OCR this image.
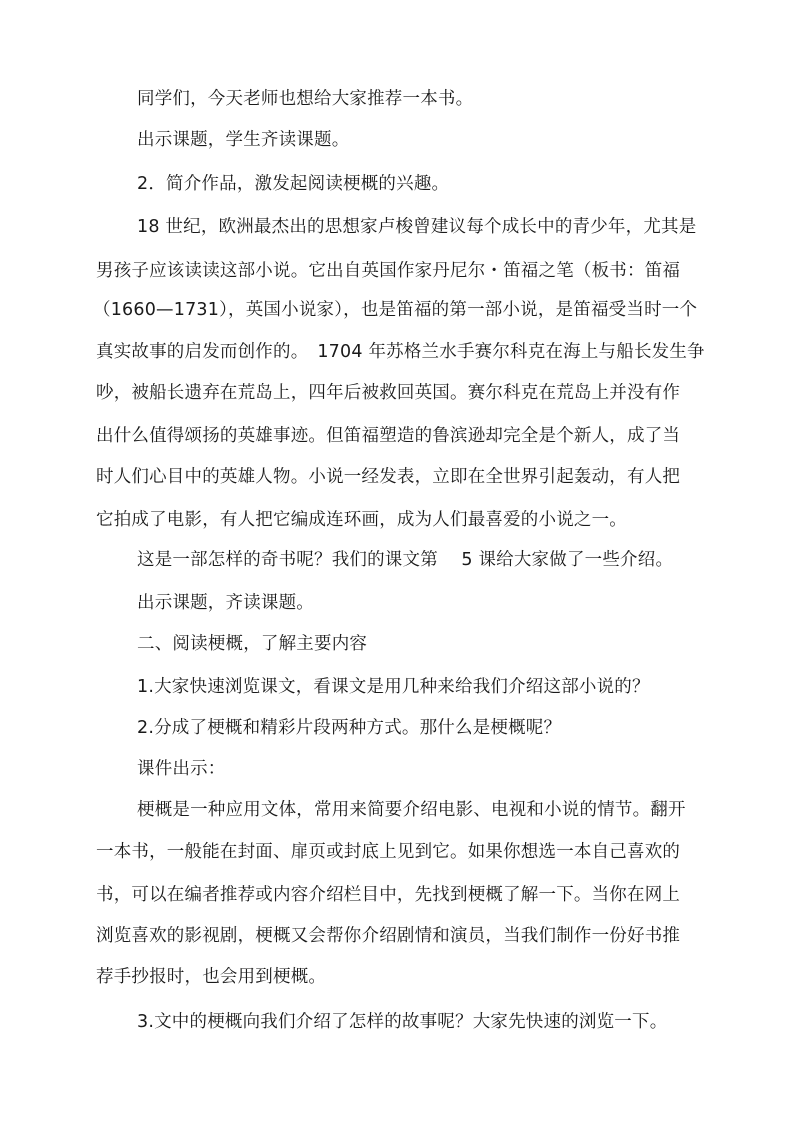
同学们，今天老师也想给大家推荐一本书。
出示课题，学生齐读课题。
2．简介作品，激发起阅读梗概的兴趣。
18 世纪，欧洲最杰出的思想家卢梭曾建议每个成长中的青少年，尤其是
男孩子应该读读这部小说。它出自英国作家丹尼尔・笛福之笔（板书：笛福
（1660—1731），英国小说家），也是笛福的第一部小说，是笛福受当时一个
真实故事的启发而创作的。　1704 年苏格兰水手赛尔科克在海上与船长发生争
吵，被船长遗弃在荒岛上，四年后被救回英国。赛尔科克在荒岛上并没有作
出什么值得颂扬的英雄事迹。但笛福塑造的鲁滨逊却完全是个新人，成了当
时人们心目中的英雄人物。小说一经发表，立即在全世界引起轰动，有人把
它拍成了电影，有人把它编成连环画，成为人们最喜爱的小说之一。
这是一部怎样的奇书呢？我们的课文第　 5 课给大家做了一些介绍。
出示课题，齐读课题。
二、阅读梗概，了解主要内容
1.大家快速浏览课文，看课文是用几种来给我们介绍这部小说的？
2.分成了梗概和精彩片段两种方式。那什么是梗概呢？
课件出示：
梗概是一种应用文体，常用来简要介绍电影、电视和小说的情节。翻开
一本书，一般能在封面、扉页或封底上见到它。如果你想选一本自己喜欢的
书，可以在编者推荐或内容介绍栏目中，先找到梗概了解一下。当你在网上
浏览喜欢的影视剧，梗概又会帮你介绍剧情和演员，当我们制作一份好书推
荐手抄报时，也会用到梗概。
3.文中的梗概向我们介绍了怎样的故事呢？大家先快速的浏览一下。
